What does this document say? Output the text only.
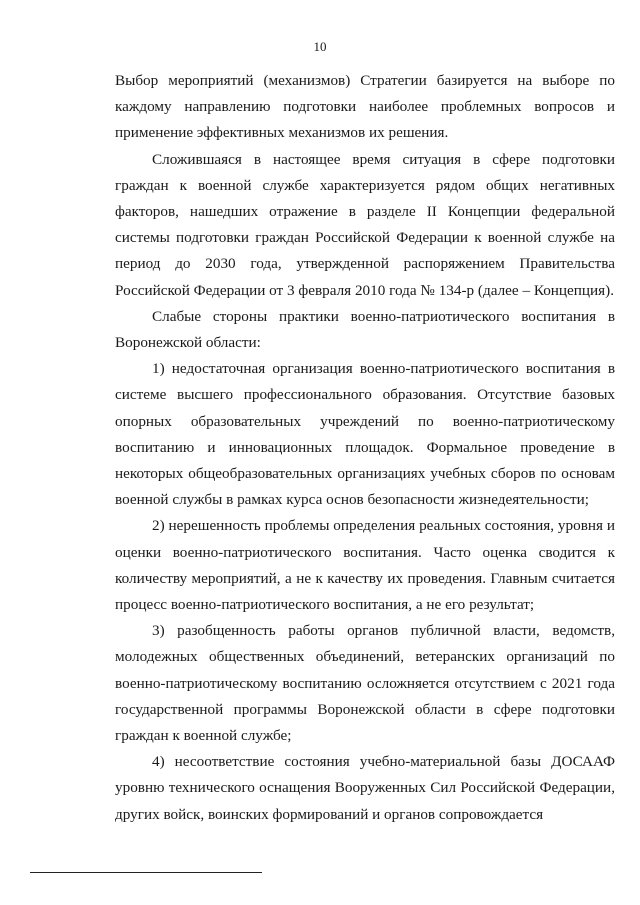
10

Выбор мероприятий (механизмов) Стратегии базируется на выборе по каждому направлению подготовки наиболее проблемных вопросов и применение эффективных механизмов их решения.

Сложившаяся в настоящее время ситуация в сфере подготовки граждан к военной службе характеризуется рядом общих негативных факторов, нашедших отражение в разделе II Концепции федеральной системы подготовки граждан Российской Федерации к военной службе на период до 2030 года, утвержденной распоряжением Правительства Российской Федерации от 3 февраля 2010 года № 134-р (далее – Концепция).

Слабые стороны практики военно-патриотического воспитания в Воронежской области:

1) недостаточная организация военно-патриотического воспитания в системе высшего профессионального образования. Отсутствие базовых опорных образовательных учреждений по военно-патриотическому воспитанию и инновационных площадок. Формальное проведение в некоторых общеобразовательных организациях учебных сборов по основам военной службы в рамках курса основ безопасности жизнедеятельности;

2) нерешенность проблемы определения реальных состояния, уровня и оценки военно-патриотического воспитания. Часто оценка сводится к количеству мероприятий, а не к качеству их проведения. Главным считается процесс военно-патриотического воспитания, а не его результат;

3) разобщенность работы органов публичной власти, ведомств, молодежных общественных объединений, ветеранских организаций по военно-патриотическому воспитанию осложняется отсутствием с 2021 года государственной программы Воронежской области в сфере подготовки граждан к военной службе;

4) несоответствие состояния учебно-материальной базы ДОСААФ уровню технического оснащения Вооруженных Сил Российской Федерации, других войск, воинских формирований и органов сопровождается
